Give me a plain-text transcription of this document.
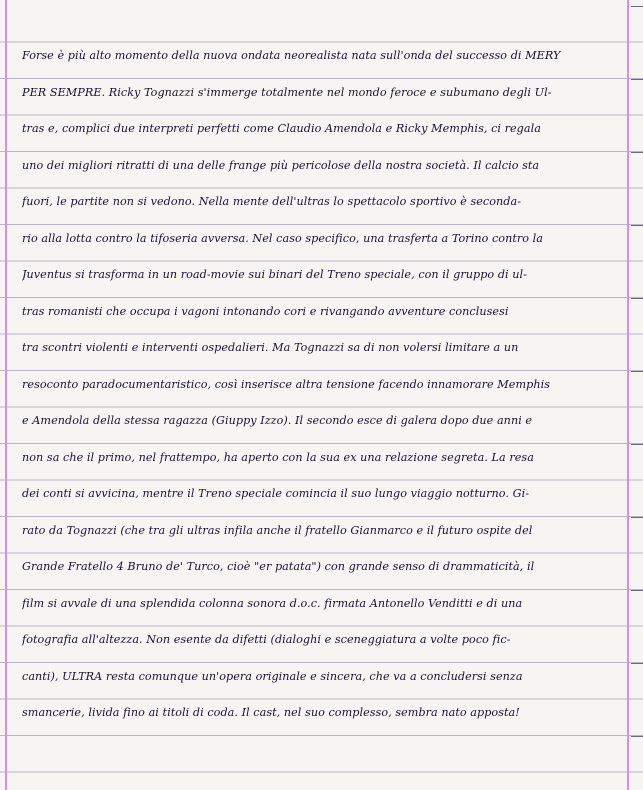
Forse è più alto momento della nuova ondata neorealista nata sull'onda del successo di MERY
PER SEMPRE. Ricky Tognazzi s'immerge totalmente nel mondo feroce e subumano degli Ul-
tras e, complici due interpreti perfetti come Claudio Amendola e Ricky Memphis, ci regala
uno dei migliori ritratti di una delle frange più pericolose della nostra società. Il calcio sta
fuori, le partite non si vedono. Nella mente dell'ultras lo spettacolo sportivo è seconda-
rio alla lotta contro la tifoseria avversa. Nel caso specifico, una trasferta a Torino contro la
Juventus si trasforma in un road-movie sui binari del Treno speciale, con il gruppo di ul-
tras romanisti che occupa i vagoni intonando cori e rivangando avventure conclusesi
tra scontri violenti e interventi ospedalieri. Ma Tognazzi sa di non volersi limitare a un
resoconto paradocumentaristico, così inserisce altra tensione facendo innamorare Memphis
e Amendola della stessa ragazza (Giuppy Izzo). Il secondo esce di galera dopo due anni e
non sa che il primo, nel frattempo, ha aperto con la sua ex una relazione segreta. La resa
dei conti si avvicina, mentre il Treno speciale comincia il suo lungo viaggio notturno. Gi-
rato da Tognazzi (che tra gli ultras infila anche il fratello Gianmarco e il futuro ospite del
Grande Fratello 4 Bruno de' Turco, cioè "er patata") con grande senso di drammaticità, il
film si avvale di una splendida colonna sonora d.o.c. firmata Antonello Venditti e di una
fotografia all'altezza. Non esente da difetti (dialoghi e sceneggiatura a volte poco fic-
canti), ULTRA resta comunque un'opera originale e sincera, che va a concludersi senza
smancerie, livida fino ai titoli di coda. Il cast, nel suo complesso, sembra nato apposta!
